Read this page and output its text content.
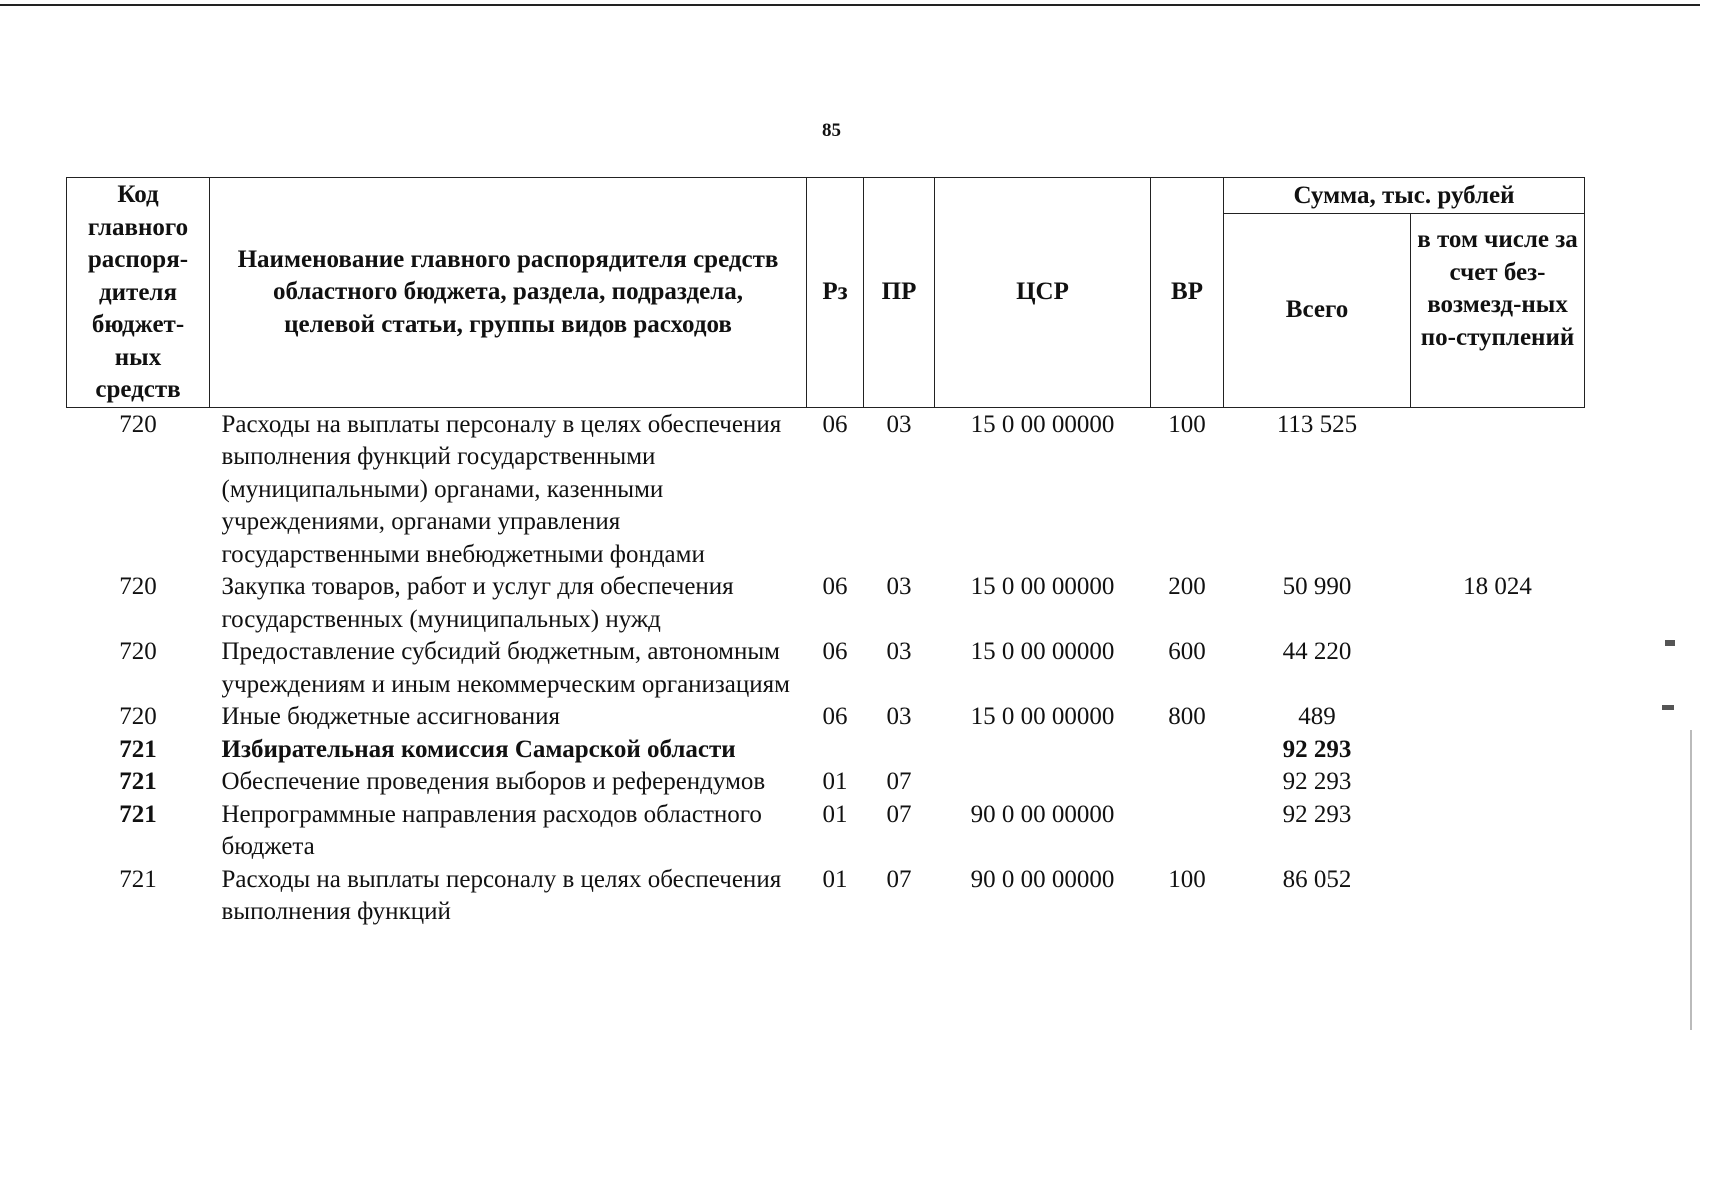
85
Код главного распоря-дителя бюджет-ных средств	Наименование главного распорядителя средств областного бюджета, раздела, подраздела, целевой статьи, группы видов расходов	Рз	ПР	ЦСР	ВР	Сумма, тыс. рублей	
						Всего	в том числе за счет без-возмезд-ных по-ступлений
720	Расходы на выплаты персоналу в целях обеспечения выполнения функций государственными (муниципальными) органами, казенными учреждениями, органами управления государственными внебюджетными фондами	06	03	15 0 00 00000	100	113 525	
720	Закупка товаров, работ и услуг для обеспечения государственных (муниципальных) нужд	06	03	15 0 00 00000	200	50 990	18 024
720	Предоставление субсидий бюджетным, автономным учреждениям и иным некоммерческим организациям	06	03	15 0 00 00000	600	44 220	
720	Иные бюджетные ассигнования	06	03	15 0 00 00000	800	489	
721	Избирательная комиссия Самарской области					92 293	
721	Обеспечение проведения выборов и референдумов	01	07			92 293	
721	Непрограммные направления расходов областного бюджета	01	07	90 0 00 00000		92 293	
721	Расходы на выплаты персоналу в целях обеспечения выполнения функций	01	07	90 0 00 00000	100	86 052	
